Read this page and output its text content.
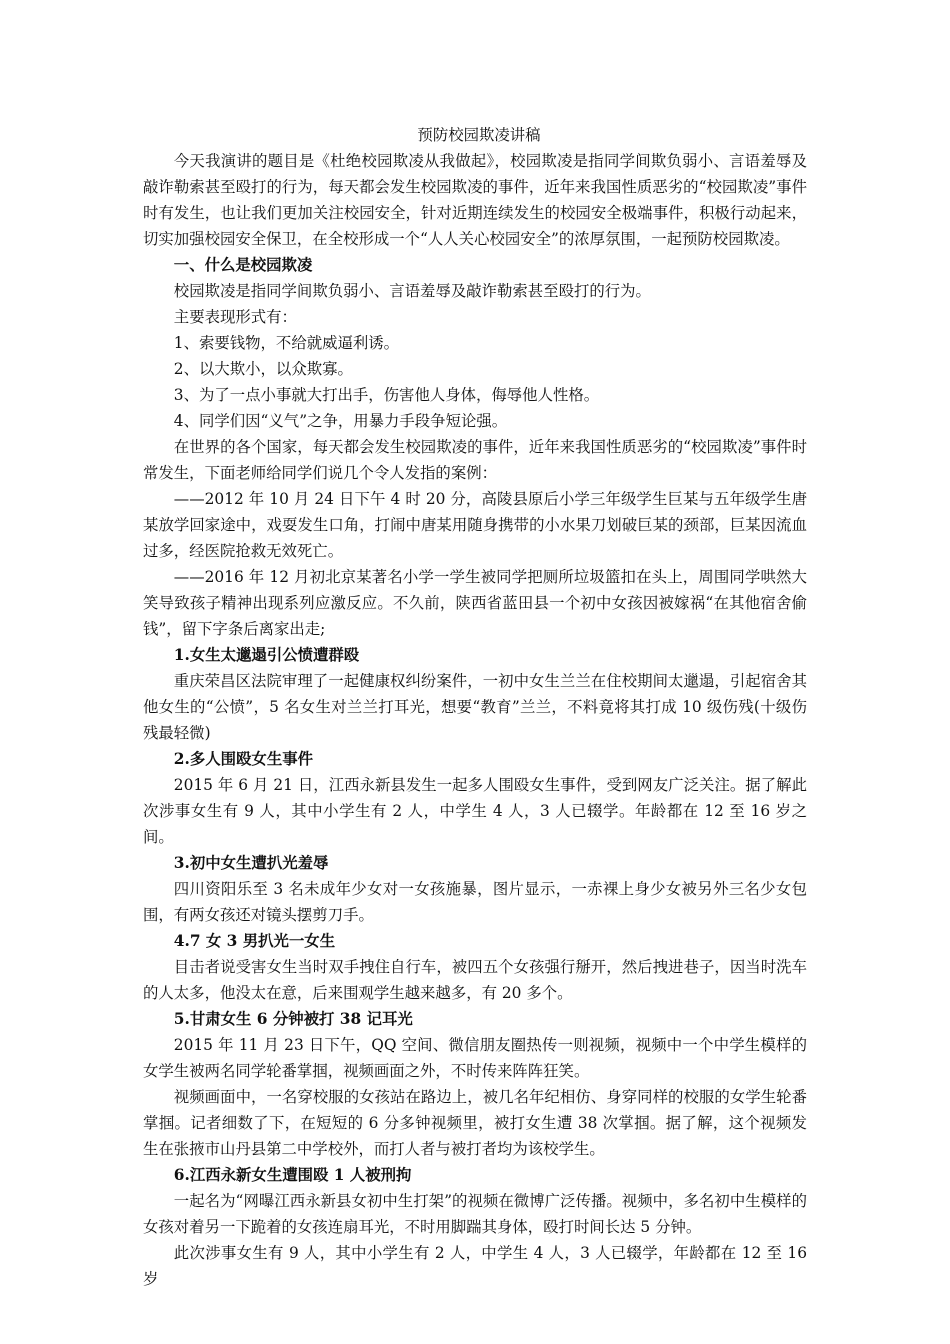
预防校园欺凌讲稿

今天我演讲的题目是《杜绝校园欺凌从我做起》，校园欺凌是指同学间欺负弱小、言语羞辱及敲诈勒索甚至殴打的行为，每天都会发生校园欺凌的事件，近年来我国性质恶劣的“校园欺凌”事件时有发生，也让我们更加关注校园安全，针对近期连续发生的校园安全极端事件，积极行动起来，切实加强校园安全保卫，在全校形成一个“人人关心校园安全”的浓厚氛围，一起预防校园欺凌。

一、什么是校园欺凌

校园欺凌是指同学间欺负弱小、言语羞辱及敲诈勒索甚至殴打的行为。

主要表现形式有：

1、索要钱物，不给就威逼利诱。

2、以大欺小，以众欺寡。

3、为了一点小事就大打出手，伤害他人身体，侮辱他人性格。

4、同学们因“义气”之争，用暴力手段争短论强。

在世界的各个国家，每天都会发生校园欺凌的事件，近年来我国性质恶劣的“校园欺凌”事件时常发生，下面老师给同学们说几个令人发指的案例：

——2012 年 10 月 24 日下午 4 时 20 分，高陵县原后小学三年级学生巨某与五年级学生唐某放学回家途中，戏耍发生口角，打闹中唐某用随身携带的小水果刀划破巨某的颈部，巨某因流血过多，经医院抢救无效死亡。

——2016 年 12 月初北京某著名小学一学生被同学把厕所垃圾篮扣在头上，周围同学哄然大笑导致孩子精神出现系列应激反应。不久前，陕西省蓝田县一个初中女孩因被嫁祸“在其他宿舍偷钱”，留下字条后离家出走;

1.女生太邋遢引公愤遭群殴

重庆荣昌区法院审理了一起健康权纠纷案件，一初中女生兰兰在住校期间太邋遢，引起宿舍其他女生的“公愤”，5 名女生对兰兰打耳光，想要“教育”兰兰，不料竟将其打成 10 级伤残(十级伤残最轻微)

2.多人围殴女生事件

2015 年 6 月 21 日，江西永新县发生一起多人围殴女生事件，受到网友广泛关注。据了解此次涉事女生有 9 人，其中小学生有 2 人，中学生 4 人，3 人已辍学。年龄都在 12 至 16 岁之间。

3.初中女生遭扒光羞辱

四川资阳乐至 3 名未成年少女对一女孩施暴，图片显示，一赤裸上身少女被另外三名少女包围，有两女孩还对镜头摆剪刀手。

4.7 女 3 男扒光一女生

目击者说受害女生当时双手拽住自行车，被四五个女孩强行掰开，然后拽进巷子，因当时洗车的人太多，他没太在意，后来围观学生越来越多，有 20 多个。

5.甘肃女生 6 分钟被打 38 记耳光

2015 年 11 月 23 日下午，QQ 空间、微信朋友圈热传一则视频，视频中一个中学生模样的女学生被两名同学轮番掌掴，视频画面之外，不时传来阵阵狂笑。

视频画面中，一名穿校服的女孩站在路边上，被几名年纪相仿、身穿同样的校服的女学生轮番掌掴。记者细数了下，在短短的 6 分多钟视频里，被打女生遭 38 次掌掴。据了解，这个视频发生在张掖市山丹县第二中学校外，而打人者与被打者均为该校学生。

6.江西永新女生遭围殴 1 人被刑拘

一起名为“网曝江西永新县女初中生打架”的视频在微博广泛传播。视频中，多名初中生模样的女孩对着另一下跪着的女孩连扇耳光，不时用脚踹其身体，殴打时间长达 5 分钟。

此次涉事女生有 9 人，其中小学生有 2 人，中学生 4 人，3 人已辍学，年龄都在 12 至 16 岁
